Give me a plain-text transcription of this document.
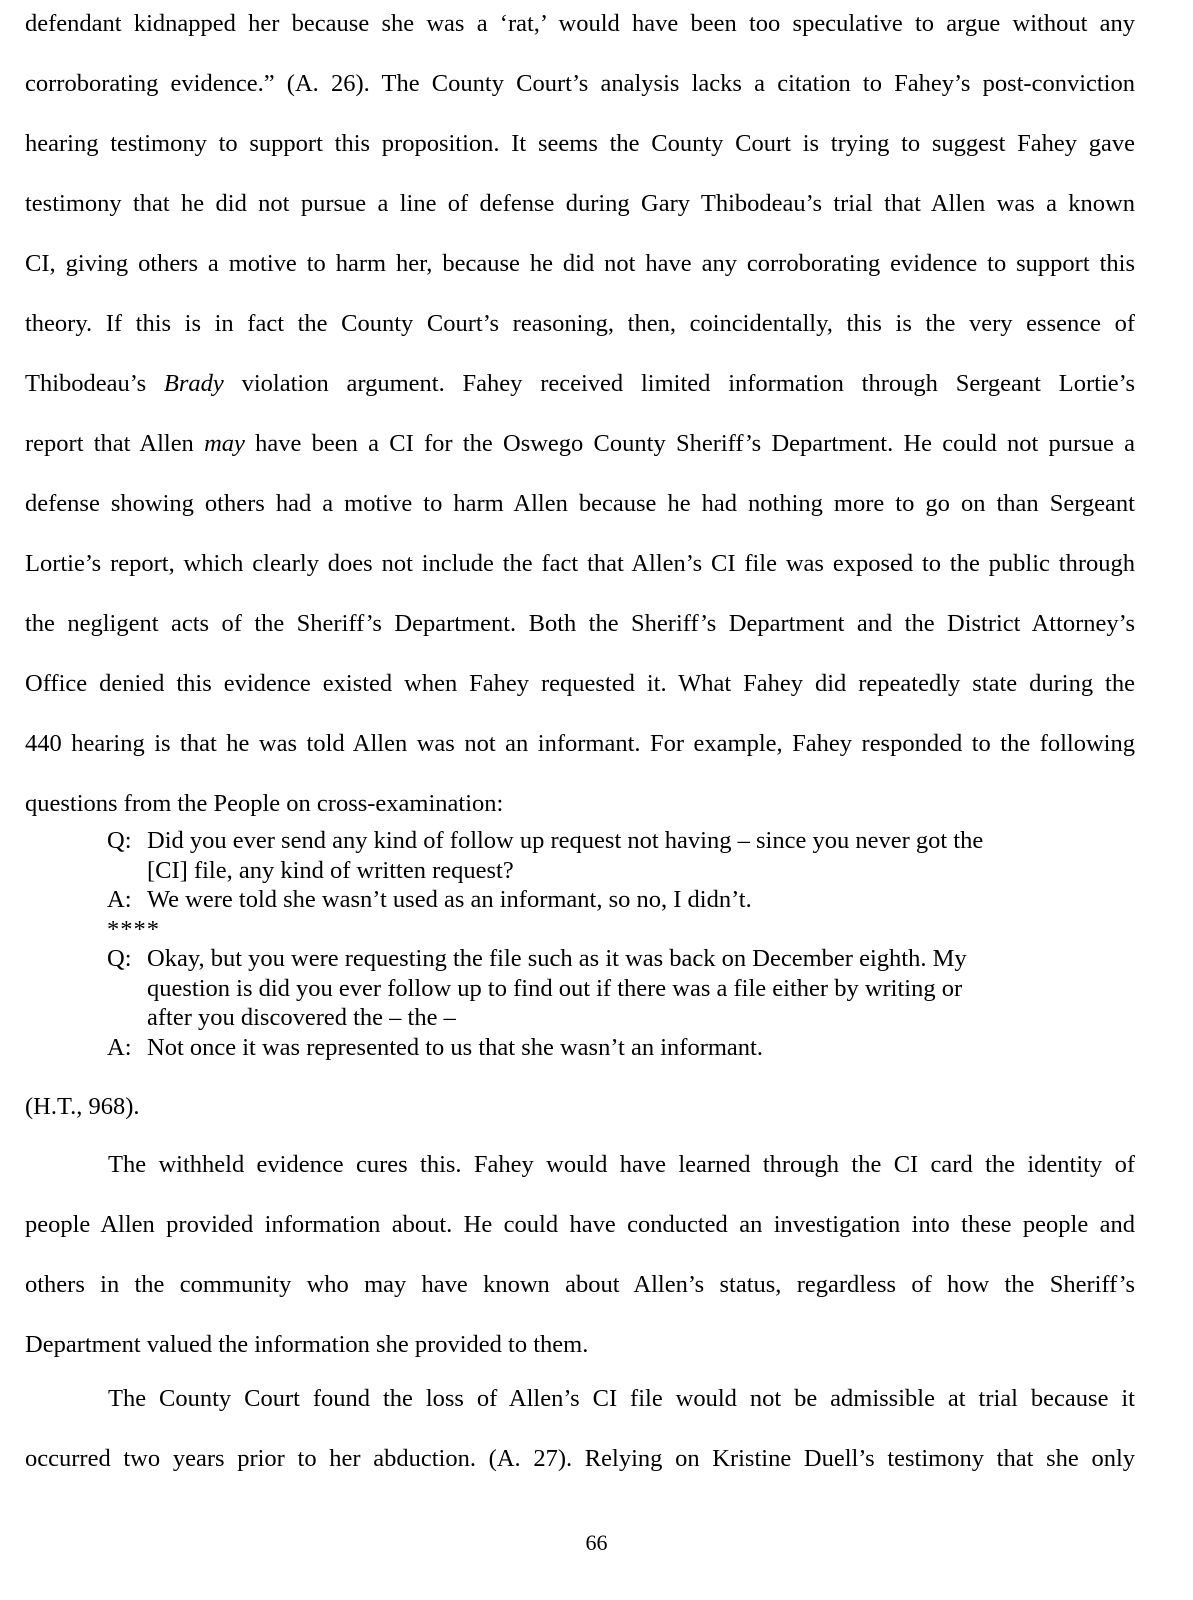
defendant kidnapped her because she was a ‘rat,’ would have been too speculative to argue without any
corroborating evidence.” (A. 26). The County Court’s analysis lacks a citation to Fahey’s post-conviction
hearing testimony to support this proposition. It seems the County Court is trying to suggest Fahey gave
testimony that he did not pursue a line of defense during Gary Thibodeau’s trial that Allen was a known
CI, giving others a motive to harm her, because he did not have any corroborating evidence to support this
theory. If this is in fact the County Court’s reasoning, then, coincidentally, this is the very essence of
Thibodeau’s Brady violation argument. Fahey received limited information through Sergeant Lortie’s
report that Allen may have been a CI for the Oswego County Sheriff’s Department. He could not pursue a
defense showing others had a motive to harm Allen because he had nothing more to go on than Sergeant
Lortie’s report, which clearly does not include the fact that Allen’s CI file was exposed to the public through
the negligent acts of the Sheriff’s Department. Both the Sheriff’s Department and the District Attorney’s
Office denied this evidence existed when Fahey requested it. What Fahey did repeatedly state during the
440 hearing is that he was told Allen was not an informant. For example, Fahey responded to the following
questions from the People on cross-examination:
Q: Did you ever send any kind of follow up request not having – since you never got the
[CI] file, any kind of written request?
A: We were told she wasn’t used as an informant, so no, I didn’t.
****
Q: Okay, but you were requesting the file such as it was back on December eighth. My
question is did you ever follow up to find out if there was a file either by writing or
after you discovered the – the –
A: Not once it was represented to us that she wasn’t an informant.
(H.T., 968).
The withheld evidence cures this. Fahey would have learned through the CI card the identity of
people Allen provided information about. He could have conducted an investigation into these people and
others in the community who may have known about Allen’s status, regardless of how the Sheriff’s
Department valued the information she provided to them.
The County Court found the loss of Allen’s CI file would not be admissible at trial because it
occurred two years prior to her abduction. (A. 27). Relying on Kristine Duell’s testimony that she only
66
